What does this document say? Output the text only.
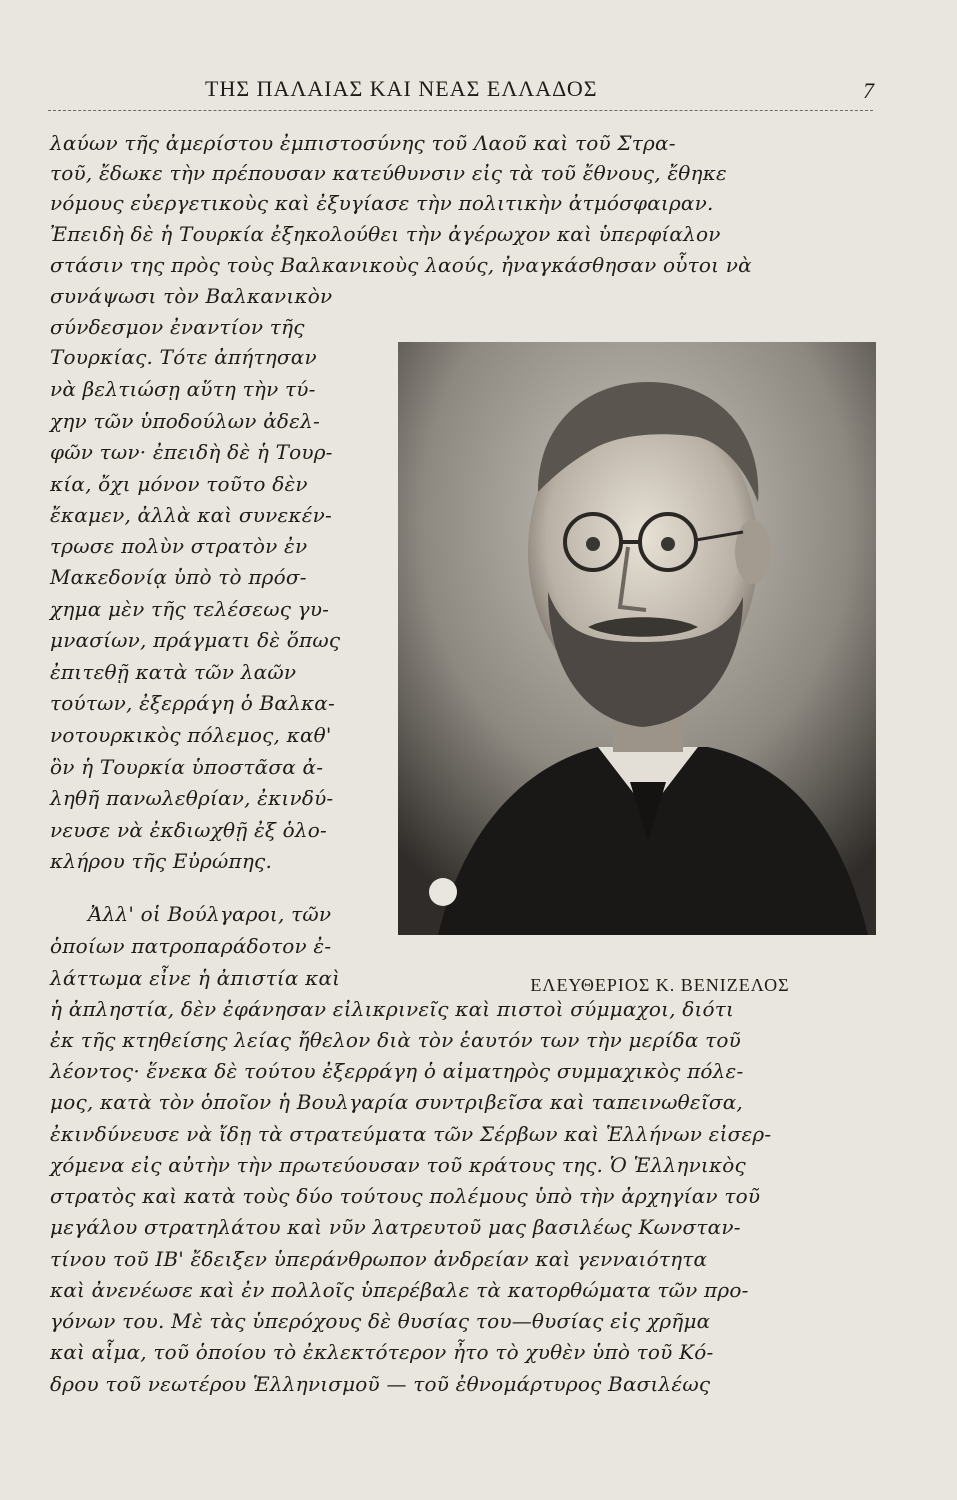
ΤΗΣ ΠΑΛΑΙΑΣ ΚΑΙ ΝΕΑΣ ΕΛΛΑΔΟΣ	7
λαύων τῆς ἀμερίστου ἐμπιστοσύνης τοῦ Λαοῦ καὶ τοῦ Στρα-
τοῦ, ἔδωκε τὴν πρέπουσαν κατεύθυνσιν εἰς τὰ τοῦ ἔθνους, ἔθηκε
νόμους εὐεργετικοὺς καὶ ἐξυγίασε τὴν πολιτικὴν ἀτμόσφαιραν.
Ἐπειδὴ δὲ ἡ Τουρκία ἐξηκολούθει τὴν ἀγέρωχον καὶ ὑπερφίαλον
στάσιν της πρὸς τοὺς Βαλκανικοὺς λαούς, ἠναγκάσθησαν οὗτοι νὰ
συνάψωσι τὸν Βαλκανικὸν
σύνδεσμον ἐναντίον τῆς
Τουρκίας. Τότε ἀπήτησαν
νὰ βελτιώσῃ αὕτη τὴν τύ-
χην τῶν ὑποδούλων ἀδελ-
φῶν των· ἐπειδὴ δὲ ἡ Τουρ-
κία, ὄχι μόνον τοῦτο δὲν
ἔκαμεν, ἀλλὰ καὶ συνεκέν-
τρωσε πολὺν στρατὸν ἐν
Μακεδονίᾳ ὑπὸ τὸ πρόσ-
χημα μὲν τῆς τελέσεως γυ-
μνασίων, πράγματι δὲ ὅπως
ἐπιτεθῇ κατὰ τῶν λαῶν
τούτων, ἐξερράγη ὁ Βαλκα-
νοτουρκικὸς πόλεμος, καθ'
ὃν ἡ Τουρκία ὑποστᾶσα ἀ-
ληθῆ πανωλεθρίαν, ἐκινδύ-
νευσε νὰ ἐκδιωχθῇ ἐξ ὁλο-
κλήρου τῆς Εὐρώπης.
Ἀλλ' οἱ Βούλγαροι, τῶν
ὁποίων πατροπαράδοτον ἐ-
λάττωμα εἶνε ἡ ἀπιστία καὶ
ἡ ἀπληστία, δὲν ἐφάνησαν εἰλικρινεῖς καὶ πιστοὶ σύμμαχοι, διότι
ἐκ τῆς κτηθείσης λείας ἤθελον διὰ τὸν ἑαυτόν των τὴν μερίδα τοῦ
λέοντος· ἕνεκα δὲ τούτου ἐξερράγη ὁ αἱματηρὸς συμμαχικὸς πόλε-
μος, κατὰ τὸν ὁποῖον ἡ Βουλγαρία συντριβεῖσα καὶ ταπεινωθεῖσα,
ἐκινδύνευσε νὰ ἴδῃ τὰ στρατεύματα τῶν Σέρβων καὶ Ἑλλήνων εἰσερ-
χόμενα εἰς αὐτὴν τὴν πρωτεύουσαν τοῦ κράτους της. Ὁ Ἑλληνικὸς
στρατὸς καὶ κατὰ τοὺς δύο τούτους πολέμους ὑπὸ τὴν ἀρχηγίαν τοῦ
μεγάλου στρατηλάτου καὶ νῦν λατρευτοῦ μας βασιλέως Κωνσταν-
τίνου τοῦ ΙΒ' ἔδειξεν ὑπεράνθρωπον ἀνδρείαν καὶ γενναιότητα
καὶ ἀνενέωσε καὶ ἐν πολλοῖς ὑπερέβαλε τὰ κατορθώματα τῶν προ-
γόνων του. Μὲ τὰς ὑπερόχους δὲ θυσίας του—θυσίας εἰς χρῆμα
καὶ αἷμα, τοῦ ὁποίου τὸ ἐκλεκτότερον ἦτο τὸ χυθὲν ὑπὸ τοῦ Κό-
δρου τοῦ νεωτέρου Ἑλληνισμοῦ — τοῦ ἐθνομάρτυρος Βασιλέως
ΕΛΕΥΘΕΡΙΟΣ Κ. ΒΕΝΙΖΕΛΟΣ
